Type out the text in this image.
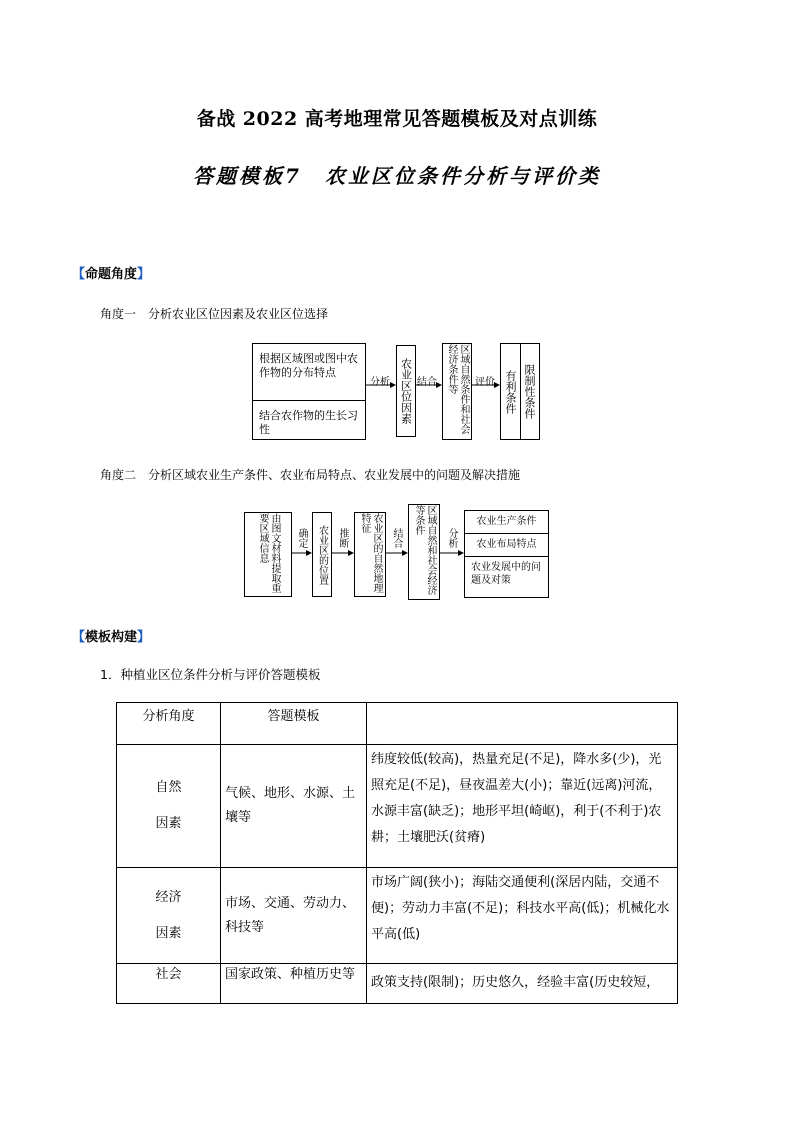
备战 2022 高考地理常见答题模板及对点训练
答题模板7　农业区位条件分析与评价类
【命题角度】
角度一　分析农业区位因素及农业区位选择
根据区域图或图中农作物的分布特点
结合农作物的生长习性
分析 农业区位因素 结合	区域自然条件和社会经济条件等	评价 有利条件 限制性条件
角度二　分析区域农业生产条件、农业布局特点、农业发展中的问题及解决措施
由图文材料提取重要区域信息	确定 农业区的位置 推断	农业区的自然地理特征
结合	区域自然和社会经济等条件
分析
农业生产条件
农业布局特点
农业发展中的问题及对策
【模板构建】
1．种植业区位条件分析与评价答题模板
分析角度	答题模板	

自然
因素	气候、地形、水源、土壤等	纬度较低(较高)，热量充足(不足)，降水多(少)，光照充足(不足)，昼夜温差大(小)；靠近(远离)河流，水源丰富(缺乏)；地形平坦(崎岖)，利于(不利于)农耕；土壤肥沃(贫瘠)

经济
因素	市场、交通、劳动力、科技等	市场广阔(狭小)；海陆交通便利(深居内陆，交通不便)；劳动力丰富(不足)；科技水平高(低)；机械化水平高(低)

社会	国家政策、种植历史等	政策支持(限制)；历史悠久，经验丰富(历史较短，
